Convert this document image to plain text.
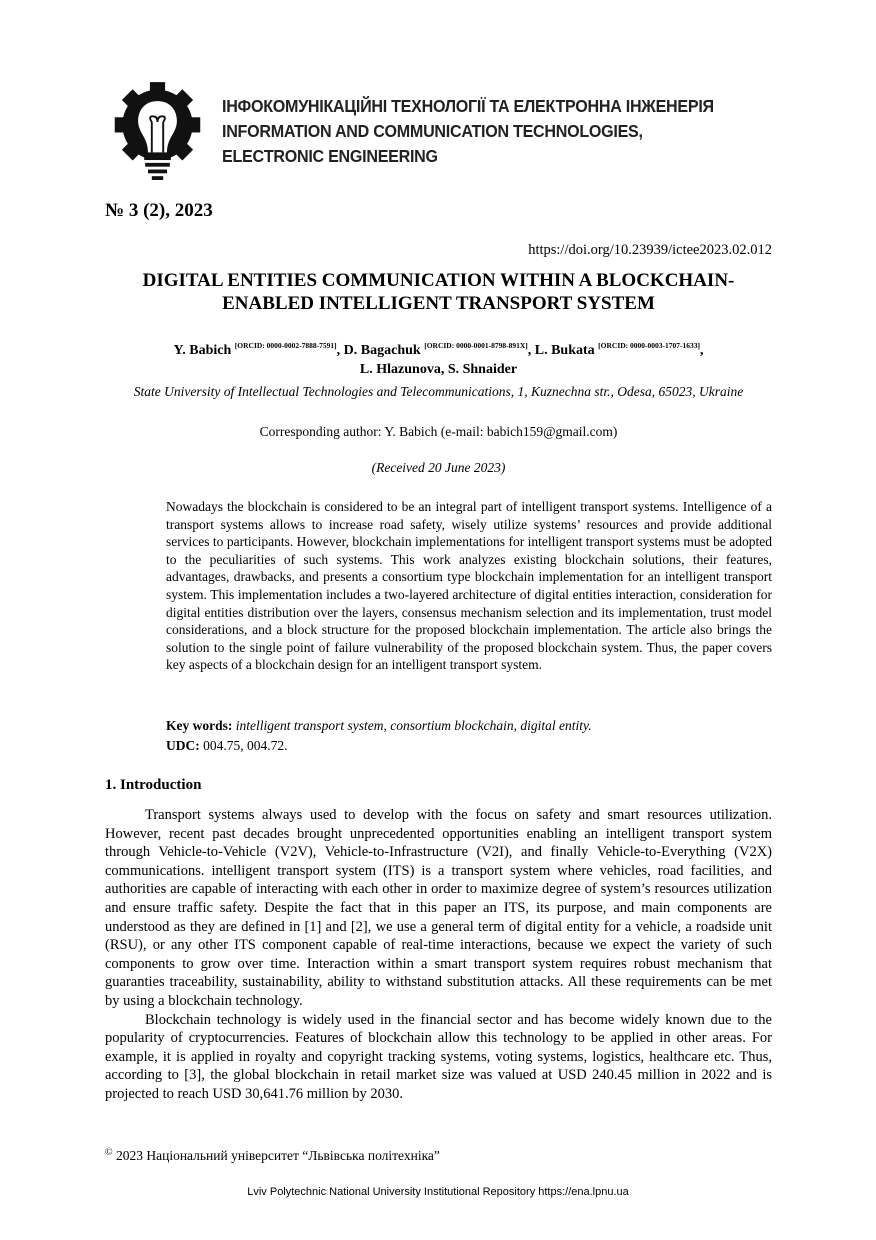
ІНФОКОМУНІКАЦІЙНІ ТЕХНОЛОГІЇ ТА ЕЛЕКТРОННА ІНЖЕНЕРІЯ
INFORMATION AND COMMUNICATION TECHNOLOGIES,
ELECTRONIC ENGINEERING
№ 3 (2), 2023
https://doi.org/10.23939/ictee2023.02.012
DIGITAL ENTITIES COMMUNICATION WITHIN A BLOCKCHAIN-ENABLED INTELLIGENT TRANSPORT SYSTEM
Y. Babich [ORCID: 0000-0002-7888-7591], D. Bagachuk [ORCID: 0000-0001-8798-891X], L. Bukata [ORCID: 0000-0003-1707-1633],
L. Hlazunova, S. Shnaider
State University of Intellectual Technologies and Telecommunications, 1, Kuznechna str., Odesa, 65023, Ukraine
Corresponding author: Y. Babich (e-mail: babich159@gmail.com)
(Received 20 June 2023)
Nowadays the blockchain is considered to be an integral part of intelligent transport systems. Intelligence of a transport systems allows to increase road safety, wisely utilize systems’ resources and provide additional services to participants. However, blockchain implementations for intelligent transport systems must be adopted to the peculiarities of such systems. This work analyzes existing blockchain solutions, their features, advantages, drawbacks, and presents a consortium type blockchain implementation for an intelligent transport system. This implementation includes a two-layered architecture of digital entities interaction, consideration for digital entities distribution over the layers, consensus mechanism selection and its implementation, trust model considerations, and a block structure for the proposed blockchain implementation. The article also brings the solution to the single point of failure vulnerability of the proposed blockchain system. Thus, the paper covers key aspects of a blockchain design for an intelligent transport system.
Key words: intelligent transport system, consortium blockchain, digital entity.
UDC: 004.75, 004.72.
1. Introduction

Transport systems always used to develop with the focus on safety and smart resources utilization. However, recent past decades brought unprecedented opportunities enabling an intelligent transport system through Vehicle-to-Vehicle (V2V), Vehicle-to-Infrastructure (V2I), and finally Vehicle-to-Everything (V2X) communications. intelligent transport system (ITS) is a transport system where vehicles, road facilities, and authorities are capable of interacting with each other in order to maximize degree of system’s resources utilization and ensure traffic safety. Despite the fact that in this paper an ITS, its purpose, and main components are understood as they are defined in [1] and [2], we use a general term of digital entity for a vehicle, a roadside unit (RSU), or any other ITS component capable of real-time interactions, because we expect the variety of such components to grow over time. Interaction within a smart transport system requires robust mechanism that guaranties traceability, sustainability, ability to withstand substitution attacks. All these requirements can be met by using a blockchain technology.

Blockchain technology is widely used in the financial sector and has become widely known due to the popularity of cryptocurrencies. Features of blockchain allow this technology to be applied in other areas. For example, it is applied in royalty and copyright tracking systems, voting systems, logistics, healthcare etc. Thus, according to [3], the global blockchain in retail market size was valued at USD 240.45 million in 2022 and is projected to reach USD 30,641.76 million by 2030.

© 2023 Національний університет “Львівська політехніка”
Lviv Polytechnic National University Institutional Repository https://ena.lpnu.ua
